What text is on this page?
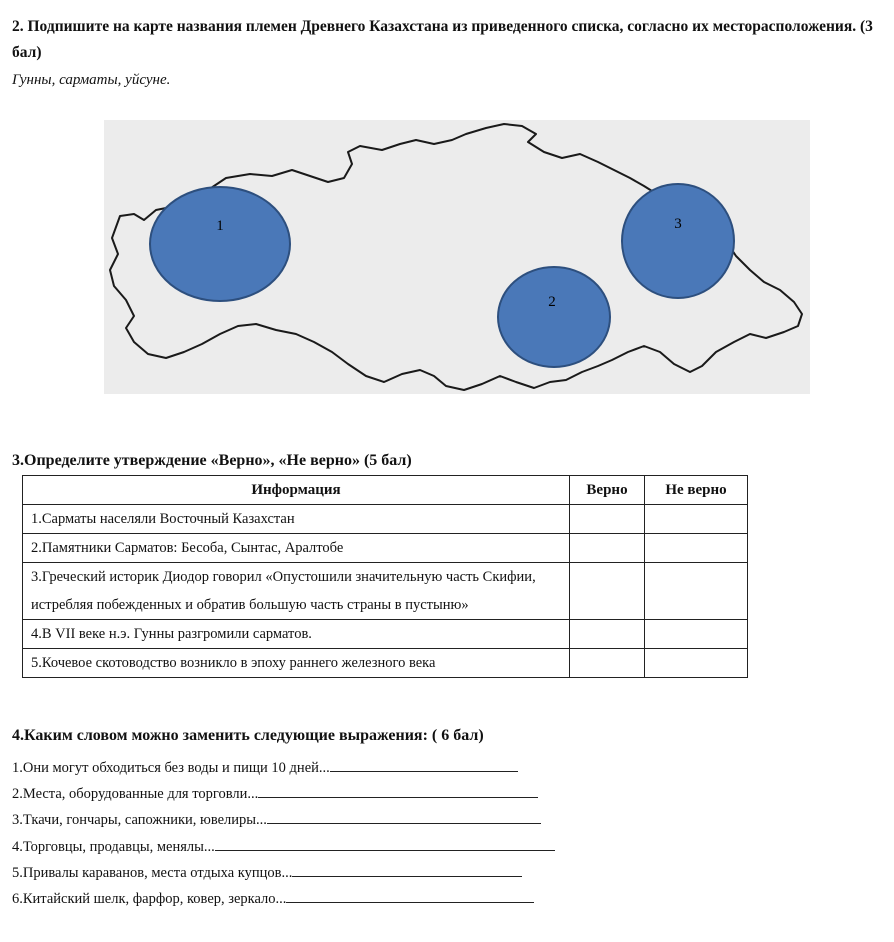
2. Подпишите на карте названия племен Древнего Казахстана из приведенного списка, согласно их месторасположения. (3 бал)
Гунны, сарматы, уйсуне.
1
2
3
3.Определите утверждение «Верно», «Не верно» (5 бал)
Информация	Верно	Не верно
1.Сарматы населяли Восточный Казахстан		
2.Памятники Сарматов: Бесоба, Сынтас, Аралтобе		
3.Греческий историк Диодор говорил «Опустошили значительную часть Скифии, истребляя побежденных и обратив большую часть страны в пустыню»		
4.В VII веке н.э. Гунны разгромили сарматов.		
5.Кочевое скотоводство возникло в эпоху раннего железного века		
4.Каким словом можно заменить следующие выражения: ( 6 бал)
1.Они могут обходиться без воды и пищи 10 дней...
2.Места, оборудованные для торговли...
3.Ткачи, гончары, сапожники, ювелиры...
4.Торговцы, продавцы, менялы...
5.Привалы караванов, места отдыха купцов...
6.Китайский шелк, фарфор, ковер, зеркало...
